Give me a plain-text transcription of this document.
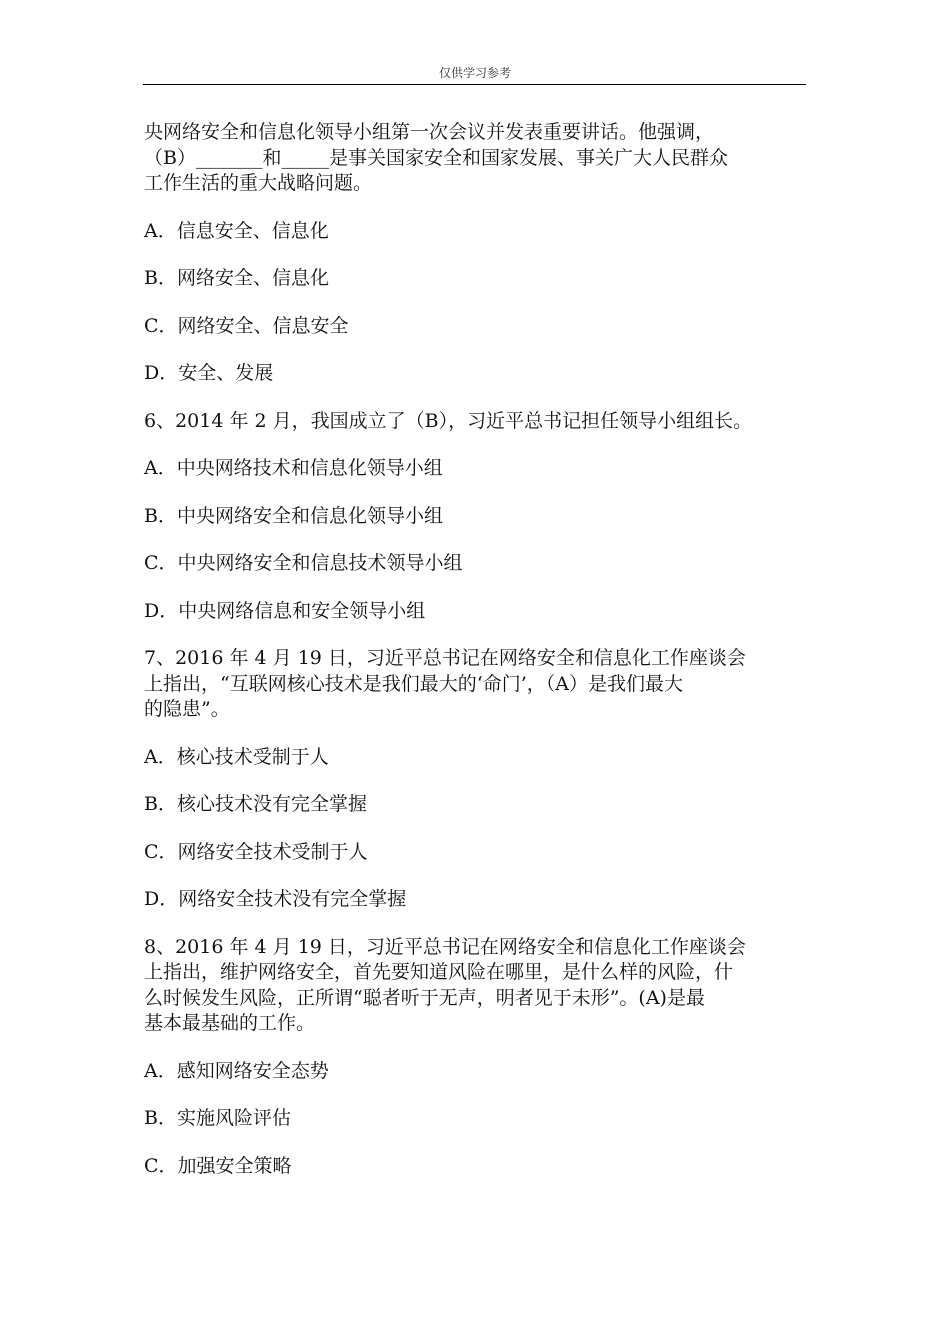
仅供学习参考

央网络安全和信息化领导小组第一次会议并发表重要讲话。他强调，

（B）_______和_____是事关国家安全和国家发展、事关广大人民群众

工作生活的重大战略问题。

A．信息安全、信息化

B．网络安全、信息化

C．网络安全、信息安全

D．安全、发展

6、2014 年 2 月，我国成立了（B），习近平总书记担任领导小组组长。

A．中央网络技术和信息化领导小组

B．中央网络安全和信息化领导小组

C．中央网络安全和信息技术领导小组

D．中央网络信息和安全领导小组

7、2016 年 4 月 19 日，习近平总书记在网络安全和信息化工作座谈会

上指出，“互联网核心技术是我们最大的‘命门’，（A）是我们最大

的隐患”。

A．核心技术受制于人

B．核心技术没有完全掌握

C．网络安全技术受制于人

D．网络安全技术没有完全掌握

8、2016 年 4 月 19 日，习近平总书记在网络安全和信息化工作座谈会

上指出，维护网络安全，首先要知道风险在哪里，是什么样的风险，什

么时候发生风险，正所谓“聪者听于无声，明者见于未形”。(A)是最

基本最基础的工作。

A．感知网络安全态势

B．实施风险评估

C．加强安全策略
